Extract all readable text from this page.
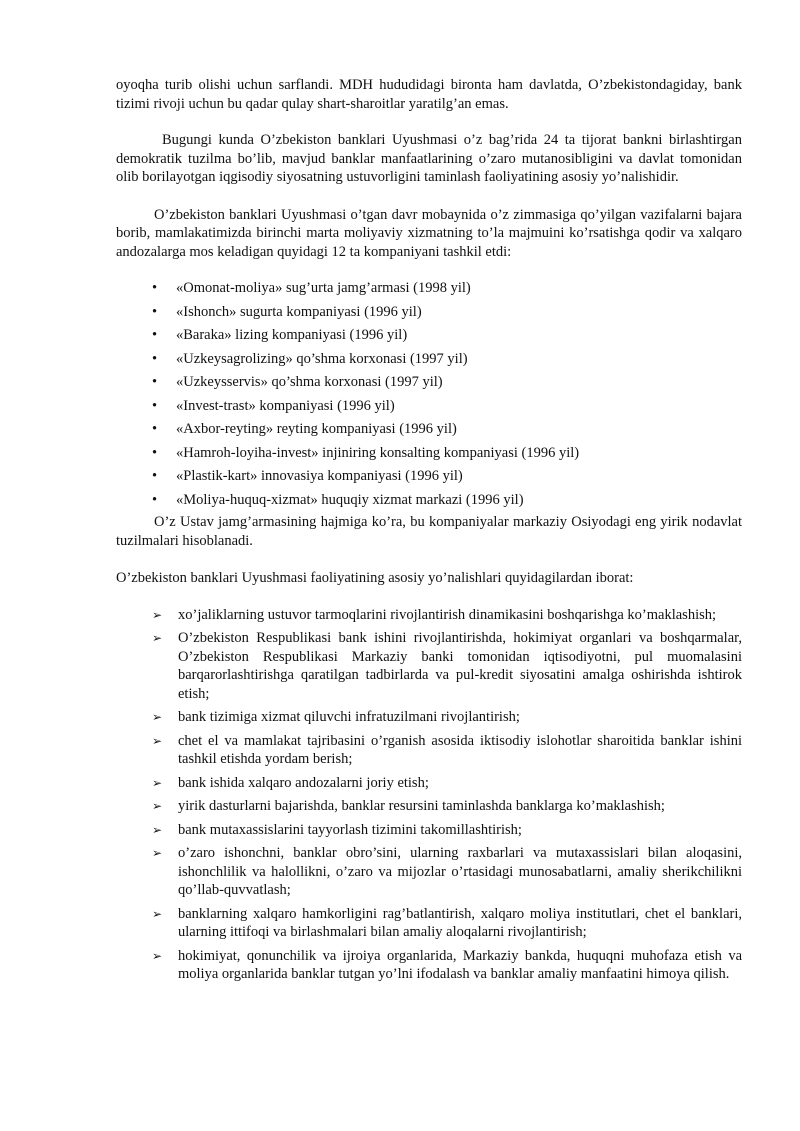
oyoqha turib olishi uchun sarflandi. MDH hududidagi bironta ham davlatda, O’zbekistondagiday, bank tizimi rivoji uchun bu qadar qulay shart-sharoitlar yaratilg’an emas.

Bugungi kunda O’zbekiston banklari Uyushmasi o’z bag’rida 24 ta tijorat bankni birlashtirgan demokratik tuzilma bo’lib, mavjud banklar manfaatlarining o’zaro mutanosibligini va davlat tomonidan olib borilayotgan iqgisodiy siyosatning ustuvorligini taminlash faoliyatining asosiy yo’nalishidir.

O’zbekiston banklari Uyushmasi o’tgan davr mobaynida o’z zimmasiga qo’yilgan vazifalarni bajara borib, mamlakatimizda birinchi marta moliyaviy xizmatning to’la majmuini ko’rsatishga qodir va xalqaro andozalarga mos keladigan quyidagi 12 ta kompaniyani tashkil etdi:

• «Omonat-moliya» sug’urta jamg’armasi (1998 yil)
• «Ishonch» sugurta kompaniyasi (1996 yil)
• «Baraka» lizing kompaniyasi (1996 yil)
• «Uzkeysagrolizing» qo’shma korxonasi (1997 yil)
• «Uzkeysservis» qo’shma korxonasi (1997 yil)
• «Invest-trast» kompaniyasi (1996 yil)
• «Axbor-reyting» reyting kompaniyasi (1996 yil)
• «Hamroh-loyiha-invest» injiniring konsalting kompaniyasi (1996 yil)
• «Plastik-kart» innovasiya kompaniyasi (1996 yil)
• «Moliya-huquq-xizmat» huquqiy xizmat markazi (1996 yil)

O’z Ustav jamg’armasining hajmiga ko’ra, bu kompaniyalar markaziy Osiyodagi eng yirik nodavlat tuzilmalari hisoblanadi.

O’zbekiston banklari Uyushmasi faoliyatining asosiy yo’nalishlari quyidagilardan iborat:

➢ xo’jaliklarning ustuvor tarmoqlarini rivojlantirish dinamikasini boshqarishga ko’maklashish;
➢ O’zbekiston Respublikasi bank ishini rivojlantirishda, hokimiyat organlari va boshqarmalar, O’zbekiston Respublikasi Markaziy banki tomonidan iqtisodiyotni, pul muomalasini barqarorlashtirishga qaratilgan tadbirlarda va pul-kredit siyosatini amalga oshirishda ishtirok etish;
➢ bank tizimiga xizmat qiluvchi infratuzilmani rivojlantirish;
➢ chet el va mamlakat tajribasini o’rganish asosida iktisodiy islohotlar sharoitida banklar ishini tashkil etishda yordam berish;
➢ bank ishida xalqaro andozalarni joriy etish;
➢ yirik dasturlarni bajarishda, banklar resursini taminlashda banklarga ko’maklashish;
➢ bank mutaxassislarini tayyorlash tizimini takomillashtirish;
➢ o’zaro ishonchni, banklar obro’sini, ularning raxbarlari va mutaxassislari bilan aloqasini, ishonchlilik va halollikni, o’zaro va mijozlar o’rtasidagi munosabatlarni, amaliy sherikchilikni qo’llab-quvvatlash;
➢ banklarning xalqaro hamkorligini rag’batlantirish, xalqaro moliya institutlari, chet el banklari, ularning ittifoqi va birlashmalari bilan amaliy aloqalarni rivojlantirish;
➢ hokimiyat, qonunchilik va ijroiya organlarida, Markaziy bankda, huquqni muhofaza etish va moliya organlarida banklar tutgan yo’lni ifodalash va banklar amaliy manfaatini himoya qilish.
